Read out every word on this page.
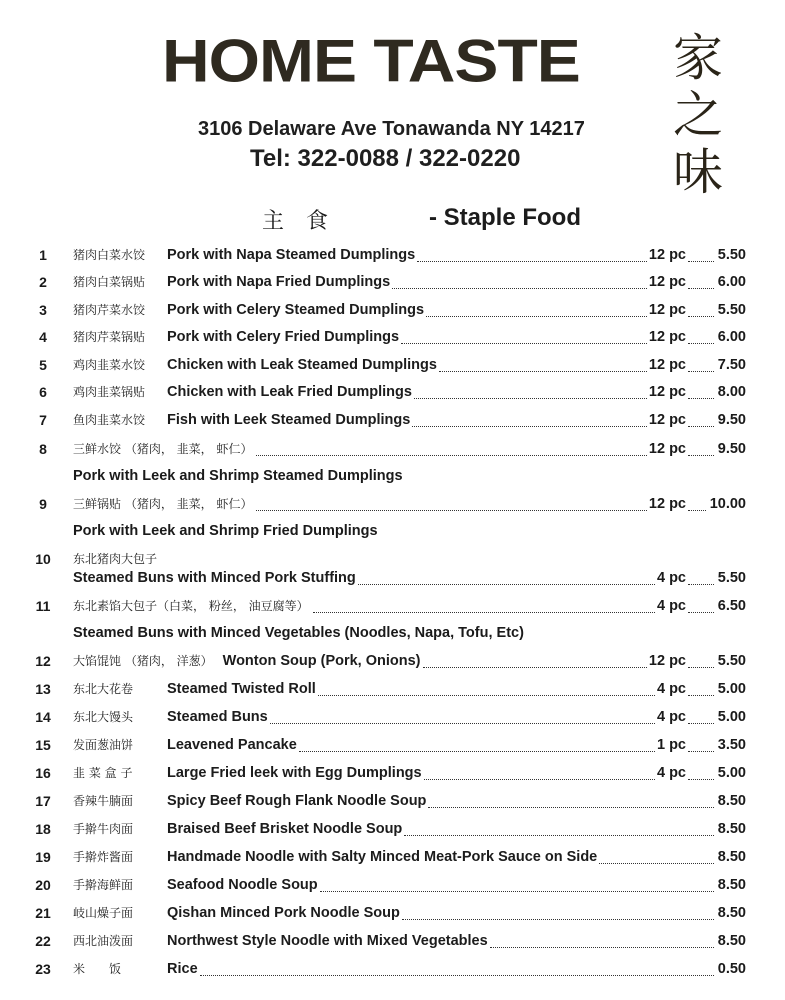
HOME TASTE 家
之
味
3106 Delaware Ave Tonawanda NY 14217
Tel: 322-0088 / 322-0220
主食	- Staple Food
1	猪肉白菜水饺 Pork with Napa Steamed Dumplings	12 pc 5.50
2	猪肉白菜锅贴 Pork with Napa Fried Dumplings	12 pc 6.00
3	猪肉芹菜水饺 Pork with Celery Steamed Dumplings	12 pc 5.50
4	猪肉芹菜锅贴 Pork with Celery Fried Dumplings	12 pc 6.00
5	鸡肉韭菜水饺 Chicken with Leak Steamed Dumplings	12 pc 7.50
6	鸡肉韭菜锅贴 Chicken with Leak Fried Dumplings	12 pc 8.00
7	鱼肉韭菜水饺 Fish with Leek Steamed Dumplings	12 pc 9.50
8	三鲜水饺 （猪肉， 韭菜， 虾仁）	12 pc 9.50
Pork with Leek and Shrimp Steamed Dumplings
9	三鲜锅贴 （猪肉， 韭菜， 虾仁）	12 pc 10.00
Pork with Leek and Shrimp Fried Dumplings
10	东北猪肉大包子
Steamed Buns with Minced Pork Stuffing	4 pc 5.50
11	东北素馅大包子（白菜， 粉丝， 油豆腐等）	4 pc 6.50
Steamed Buns with Minced Vegetables (Noodles, Napa, Tofu, Etc)
12	大馅馄饨 （猪肉， 洋葱） Wonton Soup (Pork, Onions)	12 pc 5.50
13	东北大花卷 Steamed Twisted Roll	4 pc 5.00
14	东北大馒头 Steamed Buns	4 pc 5.00
15	发面葱油饼 Leavened Pancake	1 pc 3.50
16	韭 菜 盒 子 Large Fried leek with Egg Dumplings	4 pc 5.00
17	香辣牛腩面 Spicy Beef Rough Flank Noodle Soup	8.50
18	手擀牛肉面 Braised Beef Brisket Noodle Soup	8.50
19	手擀炸酱面 Handmade Noodle with Salty Minced Meat-Pork Sauce on Side	8.50
20	手擀海鲜面 Seafood Noodle Soup	8.50
21	岐山燥子面 Qishan Minced Pork Noodle Soup	8.50
22	西北油泼面 Northwest Style Noodle with Mixed Vegetables	8.50
23	米　　饭	Rice	0.50
